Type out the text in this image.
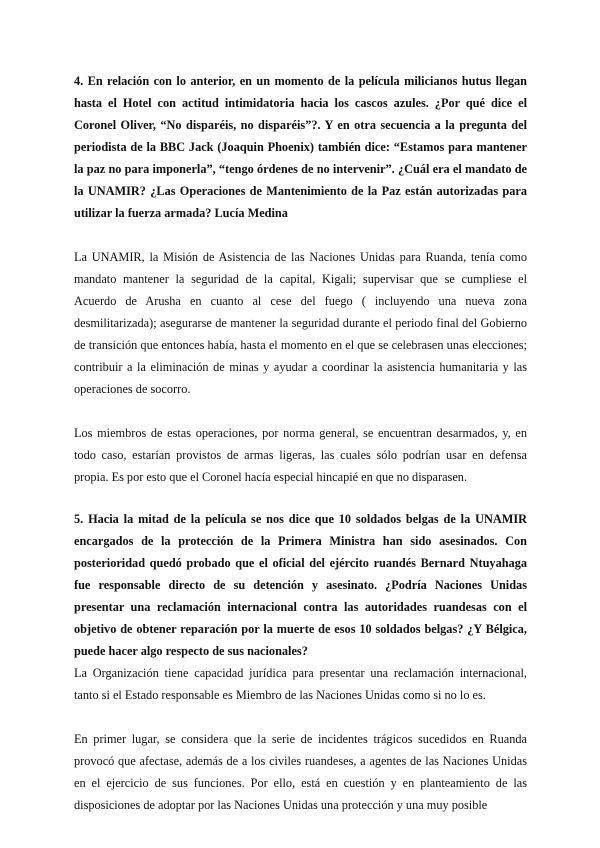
4. En relación con lo anterior, en un momento de la película milicianos hutus llegan hasta el Hotel con actitud intimidatoria hacia los cascos azules. ¿Por qué dice el Coronel Oliver, “No disparéis, no disparéis”?. Y en otra secuencia a la pregunta del periodista de la BBC Jack (Joaquin Phoenix) también dice: “Estamos para mantener la paz no para imponerla”, “tengo órdenes de no intervenir”. ¿Cuál era el mandato de la UNAMIR? ¿Las Operaciones de Mantenimiento de la Paz están autorizadas para utilizar la fuerza armada? Lucía Medina

La UNAMIR, la Misión de Asistencia de las Naciones Unidas para Ruanda, tenía como mandato mantener la seguridad de la capital, Kigali; supervisar que se cumpliese el Acuerdo de Arusha en cuanto al cese del fuego ( incluyendo una nueva zona desmilitarizada); asegurarse de mantener la seguridad durante el periodo final del Gobierno de transición que entonces había, hasta el momento en el que se celebrasen unas elecciones; contribuir a la eliminación de minas y ayudar a coordinar la asistencia humanitaria y las operaciones de socorro.

Los miembros de estas operaciones, por norma general, se encuentran desarmados, y, en todo caso, estarían provistos de armas ligeras, las cuales sólo podrían usar en defensa propia. Es por esto que el Coronel hacía especial hincapié en que no disparasen.

5. Hacia la mitad de la película se nos dice que 10 soldados belgas de la UNAMIR encargados de la protección de la Primera Ministra han sido asesinados. Con posterioridad quedó probado que el oficial del ejército ruandés Bernard Ntuyahaga fue responsable directo de su detención y asesinato. ¿Podría Naciones Unidas presentar una reclamación internacional contra las autoridades ruandesas con el objetivo de obtener reparación por la muerte de esos 10 soldados belgas? ¿Y Bélgica, puede hacer algo respecto de sus nacionales?

La Organización tiene capacidad jurídica para presentar una reclamación internacional, tanto si el Estado responsable es Miembro de las Naciones Unidas como si no lo es.

En primer lugar, se considera que la serie de incidentes trágicos sucedidos en Ruanda provocó que afectase, además de a los civiles ruandeses, a agentes de las Naciones Unidas en el ejercicio de sus funciones. Por ello, está en cuestión y en planteamiento de las disposiciones de adoptar por las Naciones Unidas una protección y una muy posible
